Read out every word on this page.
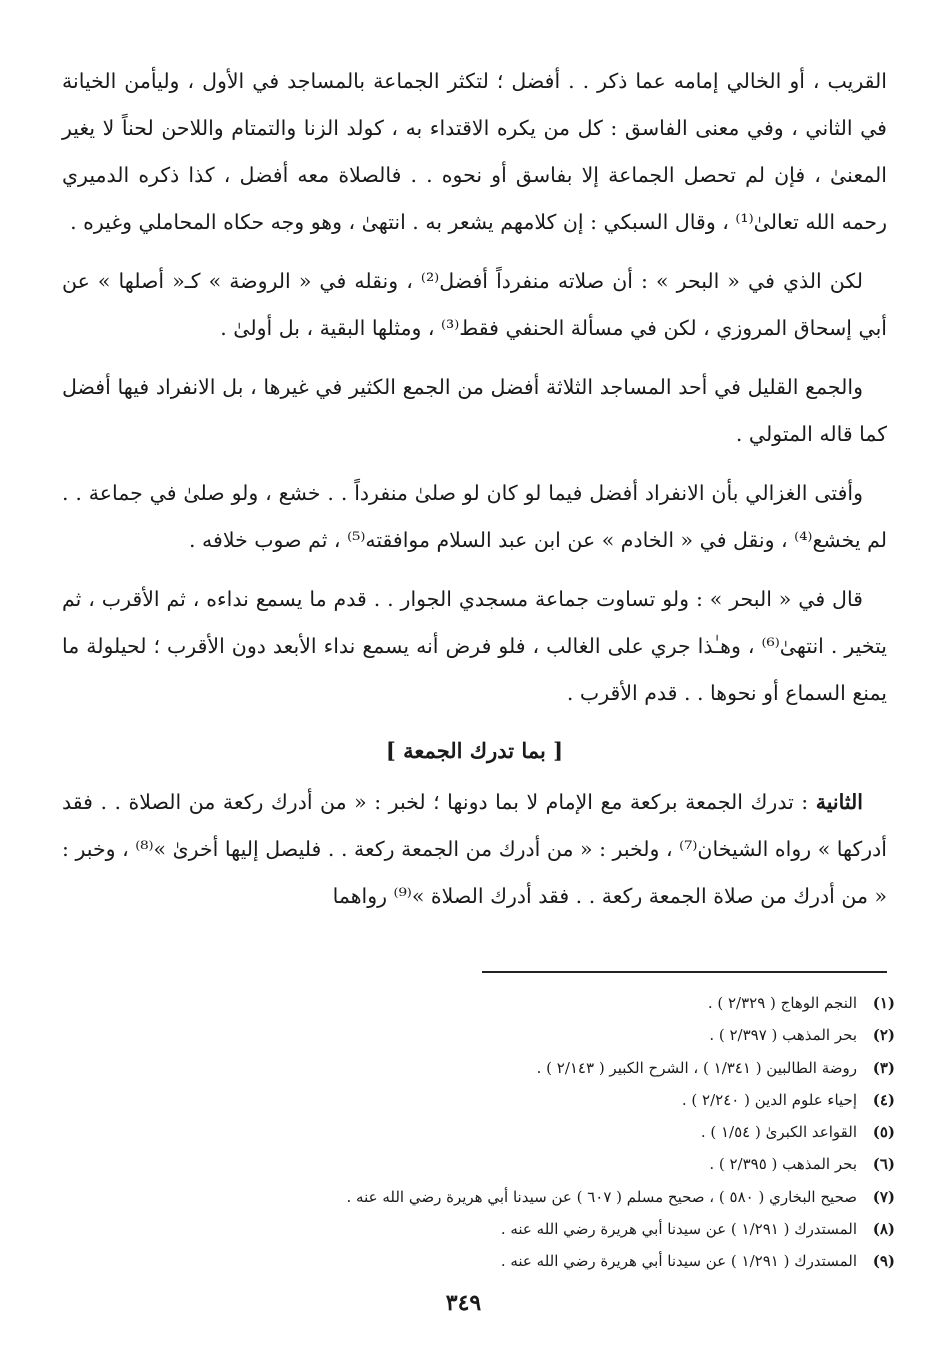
القريب ، أو الخالي إمامه عما ذكر . . أفضل ؛ لتكثر الجماعة بالمساجد في الأول ، وليأمن الخيانة في الثاني ، وفي معنى الفاسق : كل من يكره الاقتداء به ، كولد الزنا والتمتام واللاحن لحناً لا يغير المعنىٰ ، فإن لم تحصل الجماعة إلا بفاسق أو نحوه . . فالصلاة معه أفضل ، كذا ذكره الدميري رحمه الله تعالىٰ⁽¹⁾ ، وقال السبكي : إن كلامهم يشعر به . انتهىٰ ، وهو وجه حكاه المحاملي وغيره .

لكن الذي في « البحر » : أن صلاته منفرداً أفضل⁽²⁾ ، ونقله في « الروضة » كـ« أصلها » عن أبي إسحاق المروزي ، لكن في مسألة الحنفي فقط⁽³⁾ ، ومثلها البقية ، بل أولىٰ .

والجمع القليل في أحد المساجد الثلاثة أفضل من الجمع الكثير في غيرها ، بل الانفراد فيها أفضل كما قاله المتولي .

وأفتى الغزالي بأن الانفراد أفضل فيما لو كان لو صلىٰ منفرداً . . خشع ، ولو صلىٰ في جماعة . . لم يخشع⁽⁴⁾ ، ونقل في « الخادم » عن ابن عبد السلام موافقته⁽⁵⁾ ، ثم صوب خلافه .

قال في « البحر » : ولو تساوت جماعة مسجدي الجوار . . قدم ما يسمع نداءه ، ثم الأقرب ، ثم يتخير . انتهىٰ⁽⁶⁾ ، وهـٰذا جري على الغالب ، فلو فرض أنه يسمع نداء الأبعد دون الأقرب ؛ لحيلولة ما يمنع السماع أو نحوها . . قدم الأقرب .

[ بما تدرك الجمعة ]

الثانية : تدرك الجمعة بركعة مع الإمام لا بما دونها ؛ لخبر : « من أدرك ركعة من الصلاة . . فقد أدركها » رواه الشيخان⁽⁷⁾ ، ولخبر : « من أدرك من الجمعة ركعة . . فليصل إليها أخرىٰ »⁽⁸⁾ ، وخبر : « من أدرك من صلاة الجمعة ركعة . . فقد أدرك الصلاة »⁽⁹⁾ رواهما

(١)
النجم الوهاج ( ٢/٣٢٩ ) .
(٢)
بحر المذهب ( ٢/٣٩٧ ) .
(٣)
روضة الطالبين ( ١/٣٤١ ) ، الشرح الكبير ( ٢/١٤٣ ) .
(٤)
إحياء علوم الدين ( ٢/٢٤٠ ) .
(٥)
القواعد الكبرىٰ ( ١/٥٤ ) .
(٦)
بحر المذهب ( ٢/٣٩٥ ) .
(٧)
صحيح البخاري ( ٥٨٠ ) ، صحيح مسلم ( ٦٠٧ ) عن سيدنا أبي هريرة رضي الله عنه .
(٨)
المستدرك ( ١/٢٩١ ) عن سيدنا أبي هريرة رضي الله عنه .
(٩)
المستدرك ( ١/٢٩١ ) عن سيدنا أبي هريرة رضي الله عنه .
٣٤٩
